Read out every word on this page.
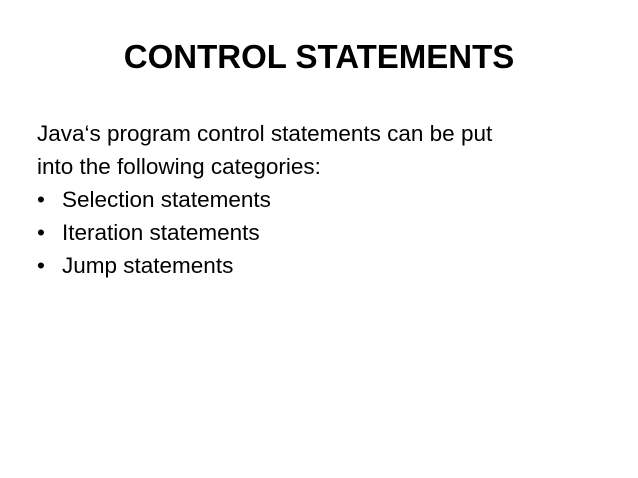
CONTROL STATEMENTS

Java‘s program control statements can be put
into the following categories:

• Selection statements
• Iteration statements
• Jump statements
